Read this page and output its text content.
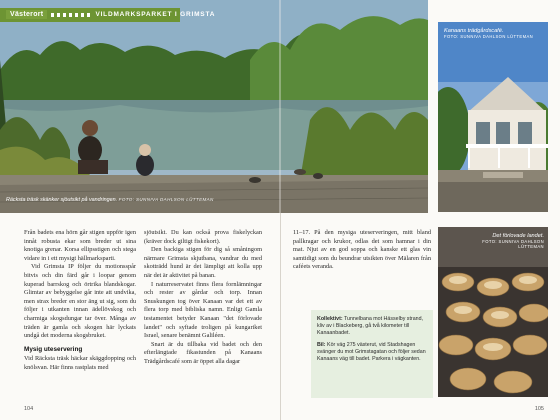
Från badets ena hörn går stigen uppför igen innåt robusta ekar som breder ut sina knotiga grenar. Korsa ellipsstigen och stega vidare in i ett mysigt hällmarksparti.

Vid Grimsta IP följer du motionsspår bitvis och din färd går i loopar genom kuperad barrskog och örtrika blandskogar. Glimtar av bebyggelse går inte att undvika, men strax breder en stor äng ut sig, som du följer i utkanten innan ädellövskog och charmiga skogsdungar tar över. Många av träden är gamla och skogen här lyckats undgå det moderna skogsbruket.

Mysig uteservering

Vid Räcksta träsk häckar skäggdopping och knölsvan. Här finns rastplats med

sjöutsikt. Du kan också prova fiskelyckan (kräver dock giltigt fiskekort).

Den backiga stigen för dig så småningom närmare Grimsta skjutbana, vandrar du med skotträdd hund är det lämpligt att kolla upp när det är aktivitet på banan.

I naturreservatet finns flera fornlämningar och rester av gårdar och torp. Innan Snuskungen tog över Kanaan var det ett av flera torp med bibliska namn. Enligt Gamla testamentet betyder Kanaan "det förlovade landet" och syftade troligen på kungariket Israel, senare benämnt Galiléen.

Snart är du tillbaka vid badet och den efterlängtade fikastunden på Kanaans Trädgårdscafé som är öppet alla dagar

104
Kanaans trädgårdscafé.
FOTO: SUNNIVA DAHLSON LÜTTEMAN

11–17. På den mysiga uteserveringen, mitt bland pallkragar och krukor, odlas det som hamnar i din mat. Njut av en god soppa och kanske ett glas vin samtidigt som du beundrar utsikten över Mälaren från caféets veranda.

Kollektivt: Tunnelbana mot Hässelby strand, kliv av i Blackeberg, gå två kilometer till Kanaanbadet.

Bil: Kör väg 275 västerut, vid Stadshagen svänger du mot Grimstagatan och följer sedan Kanaans väg till badet. Parkera i vägkanten.

Det förlovade landet.
FOTO: SUNNIVA DAHLSON LÜTTEMAN
105
Västerort	VILDMARKSPARKET I GRIMSTA
Räcksta träsk skänker sjöutsikt på vandringen. FOTO: SUNNIVA DAHLSON LÜTTEMAN
